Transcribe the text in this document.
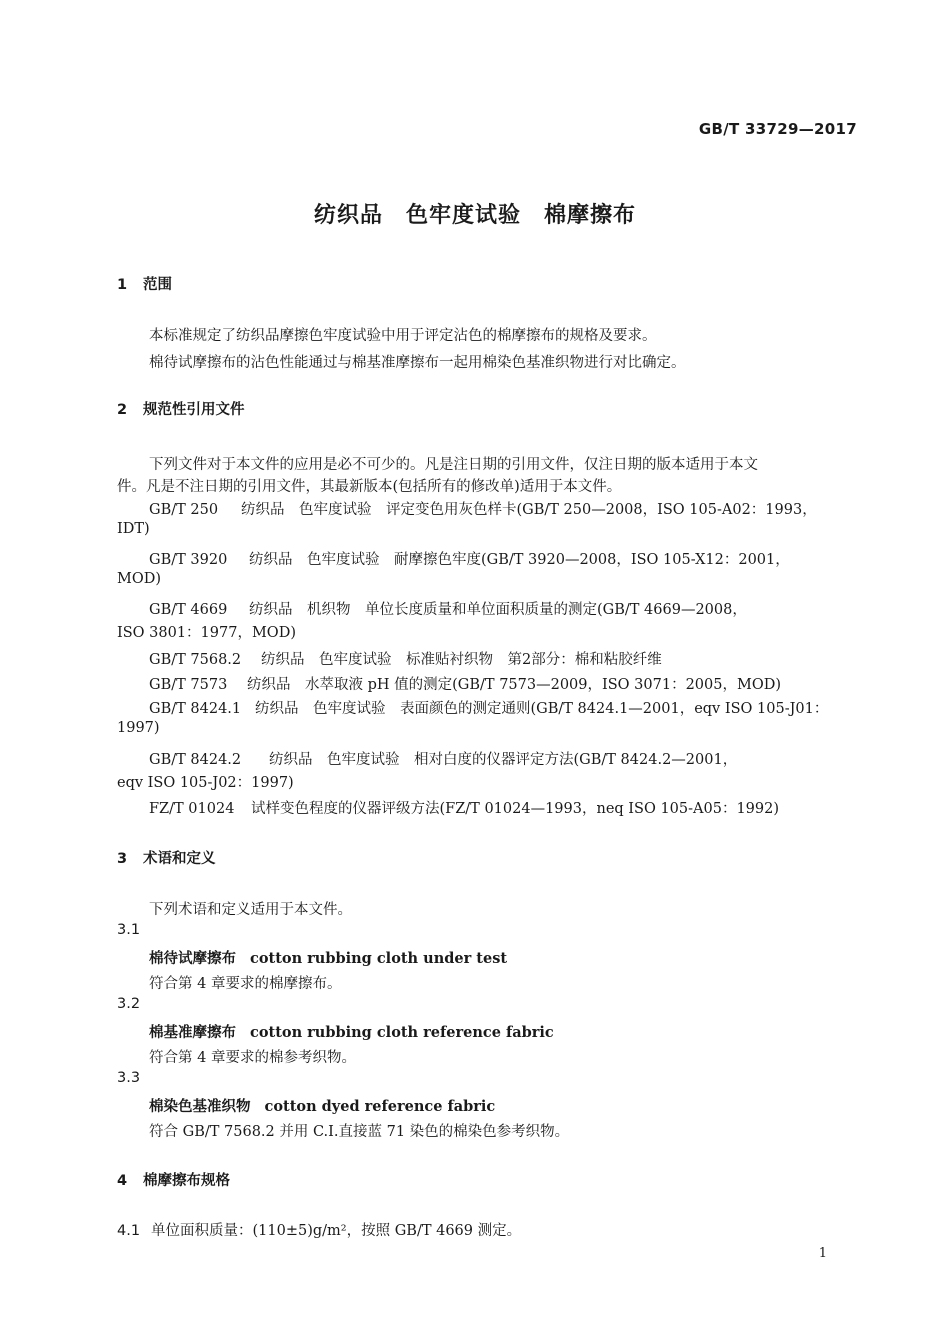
GB/T 33729—2017
纺织品　色牢度试验　棉摩擦布
1 范围
本标准规定了纺织品摩擦色牢度试验中用于评定沾色的棉摩擦布的规格及要求。
棉待试摩擦布的沾色性能通过与棉基准摩擦布一起用棉染色基准织物进行对比确定。
2 规范性引用文件
下列文件对于本文件的应用是必不可少的。凡是注日期的引用文件，仅注日期的版本适用于本文
件。凡是不注日期的引用文件，其最新版本(包括所有的修改单)适用于本文件。
GB/T 250 纺织品　色牢度试验　评定变色用灰色样卡(GB/T 250—2008，ISO 105-A02：1993，
IDT)
GB/T 3920 纺织品　色牢度试验　耐摩擦色牢度(GB/T 3920—2008，ISO 105-X12：2001，
MOD)
GB/T 4669 纺织品　机织物　单位长度质量和单位面积质量的测定(GB/T 4669—2008，
ISO 3801：1977，MOD)
GB/T 7568.2 纺织品　色牢度试验　标准贴衬织物　第2部分：棉和粘胶纤维
GB/T 7573 纺织品　水萃取液 pH 值的测定(GB/T 7573—2009，ISO 3071：2005，MOD)
GB/T 8424.1 纺织品　色牢度试验　表面颜色的测定通则(GB/T 8424.1—2001，eqv ISO 105-J01：
1997)
GB/T 8424.2 纺织品　色牢度试验　相对白度的仪器评定方法(GB/T 8424.2—2001，
eqv ISO 105-J02：1997)
FZ/T 01024 试样变色程度的仪器评级方法(FZ/T 01024—1993，neq ISO 105-A05：1992)
3 术语和定义
下列术语和定义适用于本文件。
3.1
棉待试摩擦布 cotton rubbing cloth under test
符合第 4 章要求的棉摩擦布。
3.2
棉基准摩擦布 cotton rubbing cloth reference fabric
符合第 4 章要求的棉参考织物。
3.3
棉染色基准织物 cotton dyed reference fabric
符合 GB/T 7568.2 并用 C.I.直接蓝 71 染色的棉染色参考织物。
4 棉摩擦布规格
4.1 单位面积质量：(110±5)g/m²，按照 GB/T 4669 测定。
1
